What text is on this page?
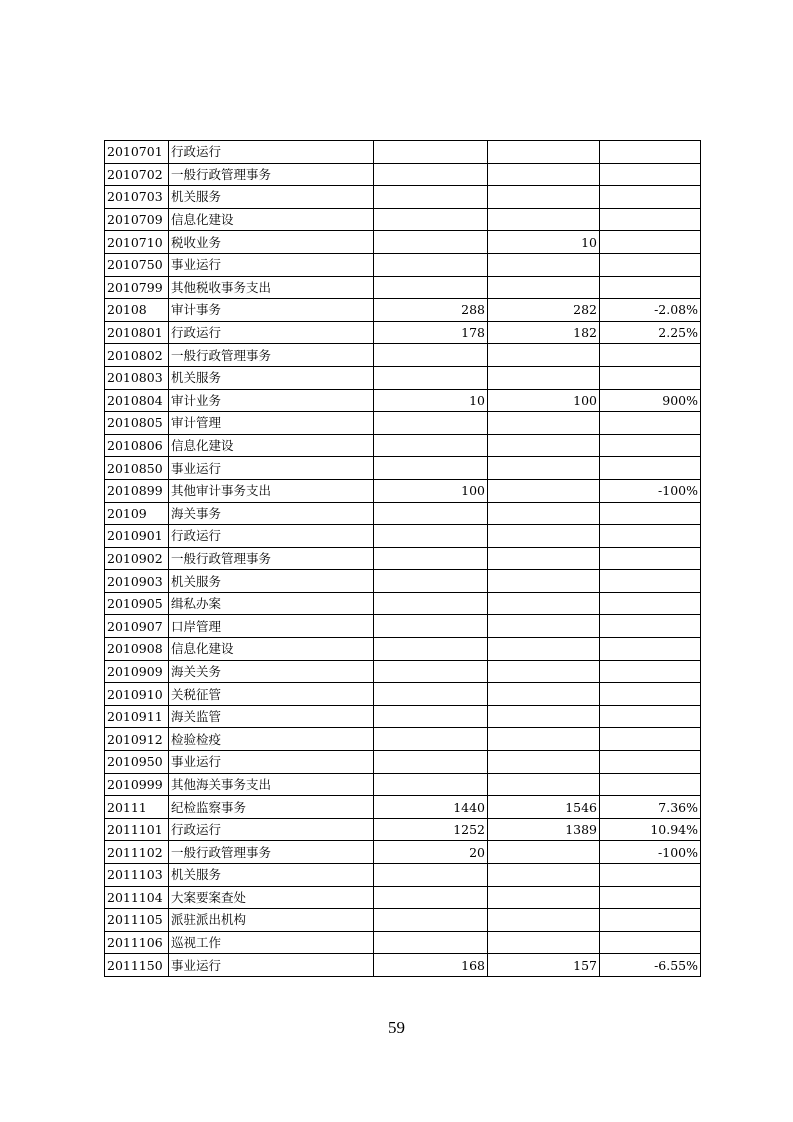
2010701	行政运行			
2010702	一般行政管理事务			
2010703	机关服务			
2010709	信息化建设			
2010710	税收业务		10	
2010750	事业运行			
2010799	其他税收事务支出			
20108	审计事务	288	282	-2.08%
2010801	行政运行	178	182	2.25%
2010802	一般行政管理事务			
2010803	机关服务			
2010804	审计业务	10	100	900%
2010805	审计管理			
2010806	信息化建设			
2010850	事业运行			
2010899	其他审计事务支出	100		-100%
20109	海关事务			
2010901	行政运行			
2010902	一般行政管理事务			
2010903	机关服务			
2010905	缉私办案			
2010907	口岸管理			
2010908	信息化建设			
2010909	海关关务			
2010910	关税征管			
2010911	海关监管			
2010912	检验检疫			
2010950	事业运行			
2010999	其他海关事务支出			
20111	纪检监察事务	1440	1546	7.36%
2011101	行政运行	1252	1389	10.94%
2011102	一般行政管理事务	20		-100%
2011103	机关服务			
2011104	大案要案查处			
2011105	派驻派出机构			
2011106	巡视工作			
2011150	事业运行	168	157	-6.55%
59
